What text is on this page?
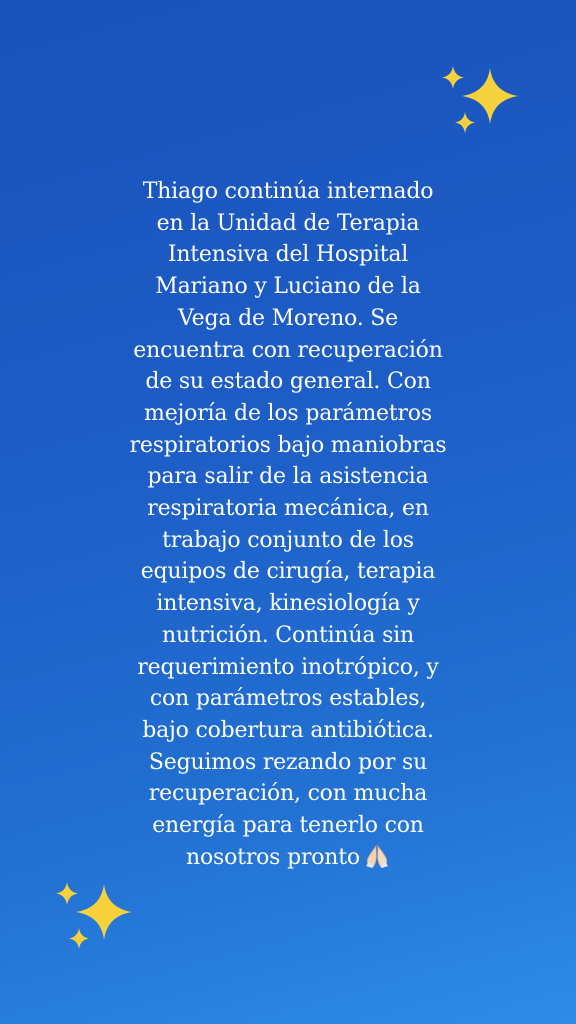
Thiago continúa internado
en la Unidad de Terapia
Intensiva del Hospital
Mariano y Luciano de la
Vega de Moreno. Se
encuentra con recuperación
de su estado general. Con
mejoría de los parámetros
respiratorios bajo maniobras
para salir de la asistencia
respiratoria mecánica, en
trabajo conjunto de los
equipos de cirugía, terapia
intensiva, kinesiología y
nutrición. Continúa sin
requerimiento inotrópico, y
con parámetros estables,
bajo cobertura antibiótica.
Seguimos rezando por su
recuperación, con mucha
energía para tenerlo con
nosotros pronto
